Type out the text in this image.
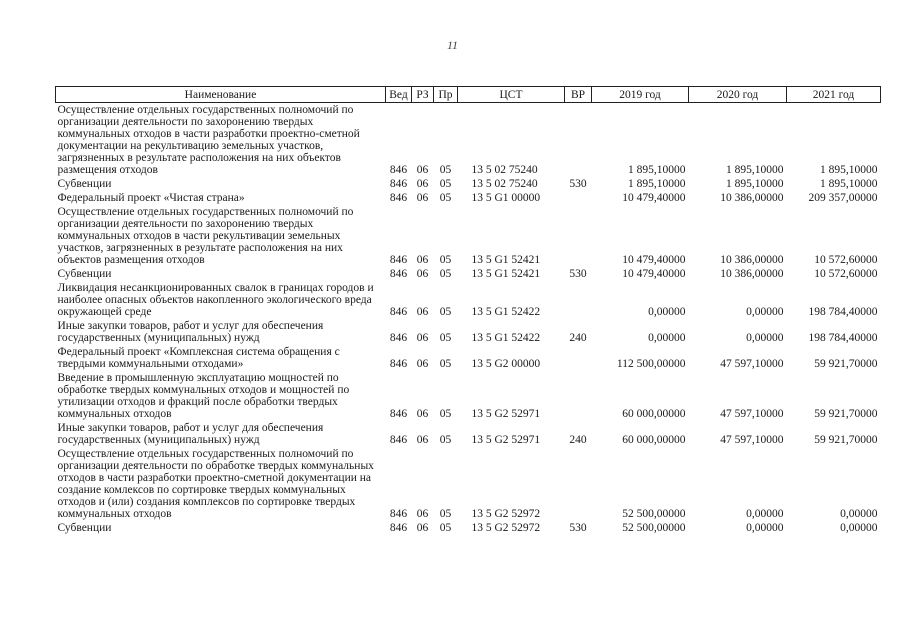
11
Наименование	Вед	РЗ	Пр	ЦСТ	ВР	2019 год	2020 год	2021 год
Осуществление отдельных государственных полномочий по организации деятельности по захоронению твердых коммунальных отходов в части разработки проектно-сметной документации на рекультивацию земельных участков, загрязненных в результате расположения на них объектов размещения отходов	846	06	05	13 5 02 75240		1 895,10000	1 895,10000	1 895,10000
Субвенции	846	06	05	13 5 02 75240	530	1 895,10000	1 895,10000	1 895,10000
Федеральный проект «Чистая страна»	846	06	05	13 5 G1 00000		10 479,40000	10 386,00000	209 357,00000
Осуществление отдельных государственных полномочий по организации деятельности по захоронению твердых коммунальных отходов в части рекультивации земельных участков, загрязненных в результате расположения на них объектов размещения отходов	846	06	05	13 5 G1 52421		10 479,40000	10 386,00000	10 572,60000
Субвенции	846	06	05	13 5 G1 52421	530	10 479,40000	10 386,00000	10 572,60000
Ликвидация несанкционированных свалок в границах городов и наиболее опасных объектов накопленного экологического вреда окружающей среде	846	06	05	13 5 G1 52422		0,00000	0,00000	198 784,40000
Иные закупки товаров, работ и услуг для обеспечения государственных (муниципальных) нужд	846	06	05	13 5 G1 52422	240	0,00000	0,00000	198 784,40000
Федеральный проект «Комплексная система обращения с твердыми коммунальными отходами»	846	06	05	13 5 G2 00000		112 500,00000	47 597,10000	59 921,70000
Введение в промышленную эксплуатацию мощностей по обработке твердых коммунальных отходов и мощностей по утилизации отходов и фракций после обработки твердых коммунальных отходов	846	06	05	13 5 G2 52971		60 000,00000	47 597,10000	59 921,70000
Иные закупки товаров, работ и услуг для обеспечения государственных (муниципальных) нужд	846	06	05	13 5 G2 52971	240	60 000,00000	47 597,10000	59 921,70000
Осуществление отдельных государственных полномочий по организации деятельности по обработке твердых коммунальных отходов в части разработки проектно-сметной документации на создание комлексов по сортировке твердых коммунальных отходов и (или) создания комплексов по сортировке твердых коммунальных отходов	846	06	05	13 5 G2 52972		52 500,00000	0,00000	0,00000
Субвенции	846	06	05	13 5 G2 52972	530	52 500,00000	0,00000	0,00000
